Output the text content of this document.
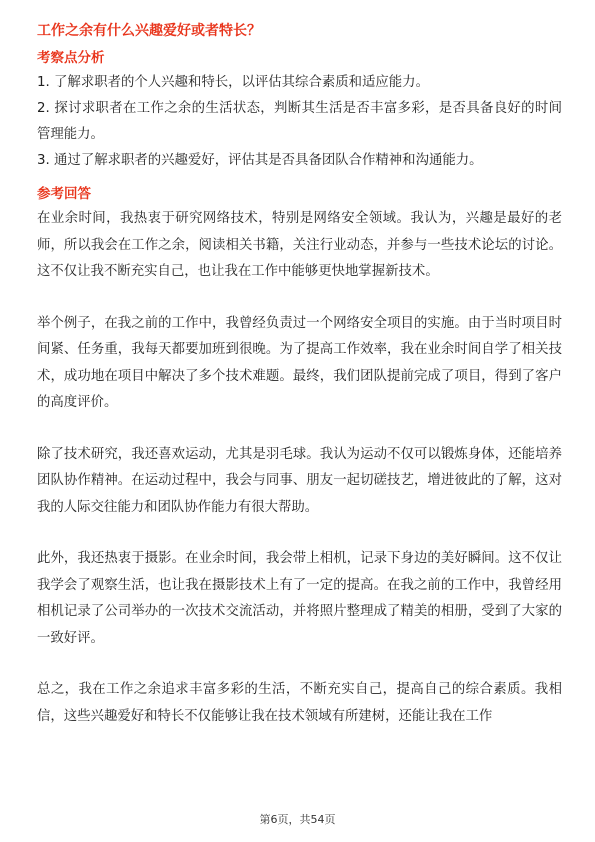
工作之余有什么兴趣爱好或者特长？
考察点分析

1. 了解求职者的个人兴趣和特长，以评估其综合素质和适应能力。

2. 探讨求职者在工作之余的生活状态，判断其生活是否丰富多彩，是否具备良好的时间管理能力。

3. 通过了解求职者的兴趣爱好，评估其是否具备团队合作精神和沟通能力。

参考回答

在业余时间，我热衷于研究网络技术，特别是网络安全领域。我认为，兴趣是最好的老师，所以我会在工作之余，阅读相关书籍，关注行业动态，并参与一些技术论坛的讨论。这不仅让我不断充实自己，也让我在工作中能够更快地掌握新技术。

举个例子，在我之前的工作中，我曾经负责过一个网络安全项目的实施。由于当时项目时间紧、任务重，我每天都要加班到很晚。为了提高工作效率，我在业余时间自学了相关技术，成功地在项目中解决了多个技术难题。最终，我们团队提前完成了项目，得到了客户的高度评价。

除了技术研究，我还喜欢运动，尤其是羽毛球。我认为运动不仅可以锻炼身体，还能培养团队协作精神。在运动过程中，我会与同事、朋友一起切磋技艺，增进彼此的了解，这对我的人际交往能力和团队协作能力有很大帮助。

此外，我还热衷于摄影。在业余时间，我会带上相机，记录下身边的美好瞬间。这不仅让我学会了观察生活，也让我在摄影技术上有了一定的提高。在我之前的工作中，我曾经用相机记录了公司举办的一次技术交流活动，并将照片整理成了精美的相册，受到了大家的一致好评。

总之，我在工作之余追求丰富多彩的生活，不断充实自己，提高自己的综合素质。我相信，这些兴趣爱好和特长不仅能够让我在技术领域有所建树，还能让我在工作

第6页，共54页
